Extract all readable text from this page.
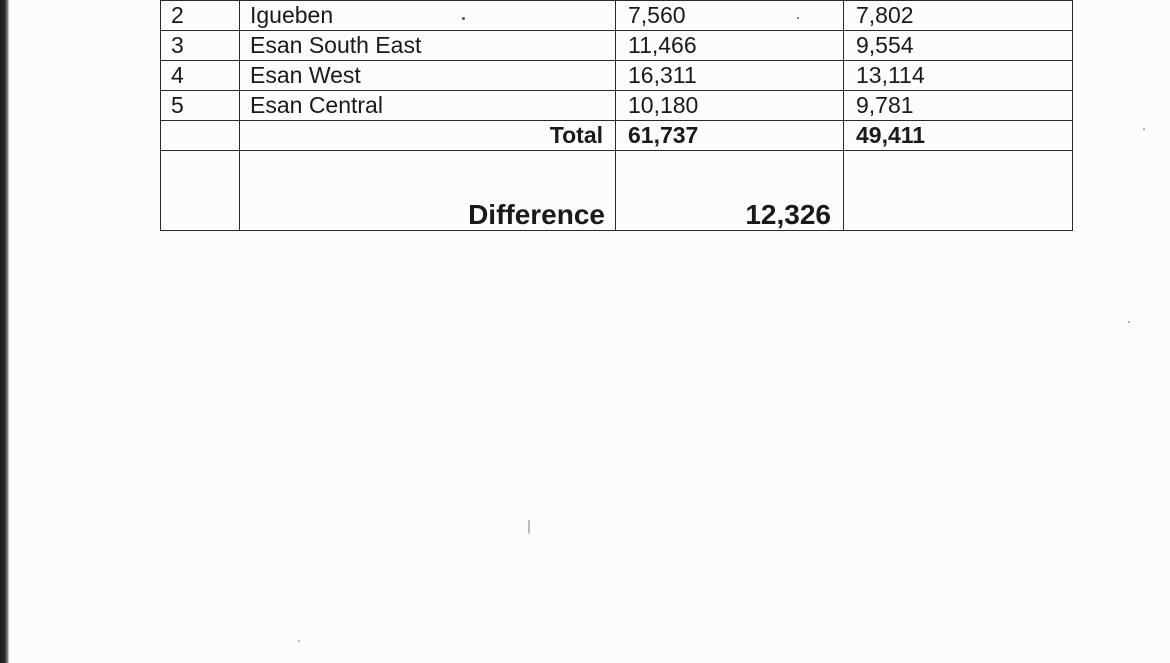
2	Igueben	7,560	7,802
3	Esan South East	11,466	9,554
4	Esan West	16,311	13,114
5	Esan Central	10,180	9,781
	Total	61,737	49,411
	Difference	12,326	
